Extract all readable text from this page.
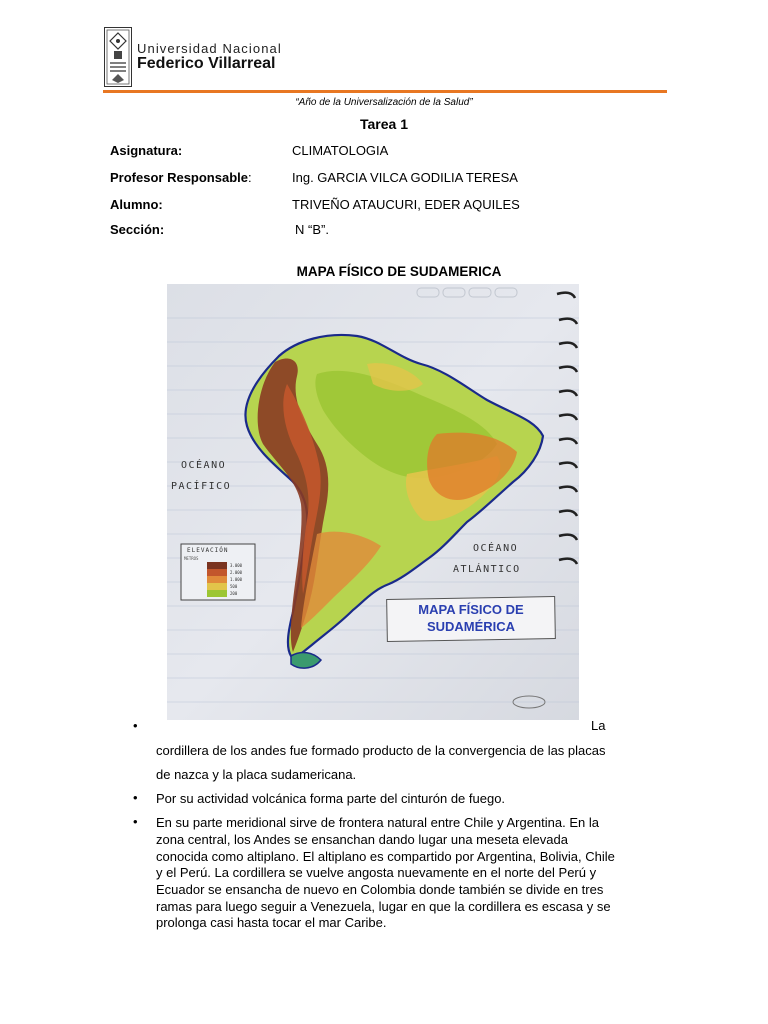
Universidad Nacional
Federico Villarreal
“Año de la Universalización de la Salud”
Tarea 1
Asignatura:	CLIMATOLOGIA
Profesor Responsable:	Ing. GARCIA VILCA GODILIA TERESA
Alumno:	TRIVEÑO ATAUCURI, EDER AQUILES
Sección:	N “B”.
MAPA FÍSICO DE SUDAMERICA
OCÉANO
PACÍFICO
OCÉANO
ATLÁNTICO
ELEVACIÓN
METROS
3.000
2.000
1.000
500
200
MAPA FÍSICO DE
SUDAMÉRICA
•	La
cordillera de los andes fue formado producto de la convergencia de las placas
de nazca y la placa sudamericana.
• Por su actividad volcánica forma parte del cinturón de fuego.
• En su parte meridional sirve de frontera natural entre Chile y Argentina. En la
zona central, los Andes se ensanchan dando lugar una meseta elevada
conocida como altiplano. El altiplano es compartido por Argentina, Bolivia, Chile
y el Perú. La cordillera se vuelve angosta nuevamente en el norte del Perú y
Ecuador se ensancha de nuevo en Colombia donde también se divide en tres
ramas para luego seguir a Venezuela, lugar en que la cordillera es escasa y se
prolonga casi hasta tocar el mar Caribe.
